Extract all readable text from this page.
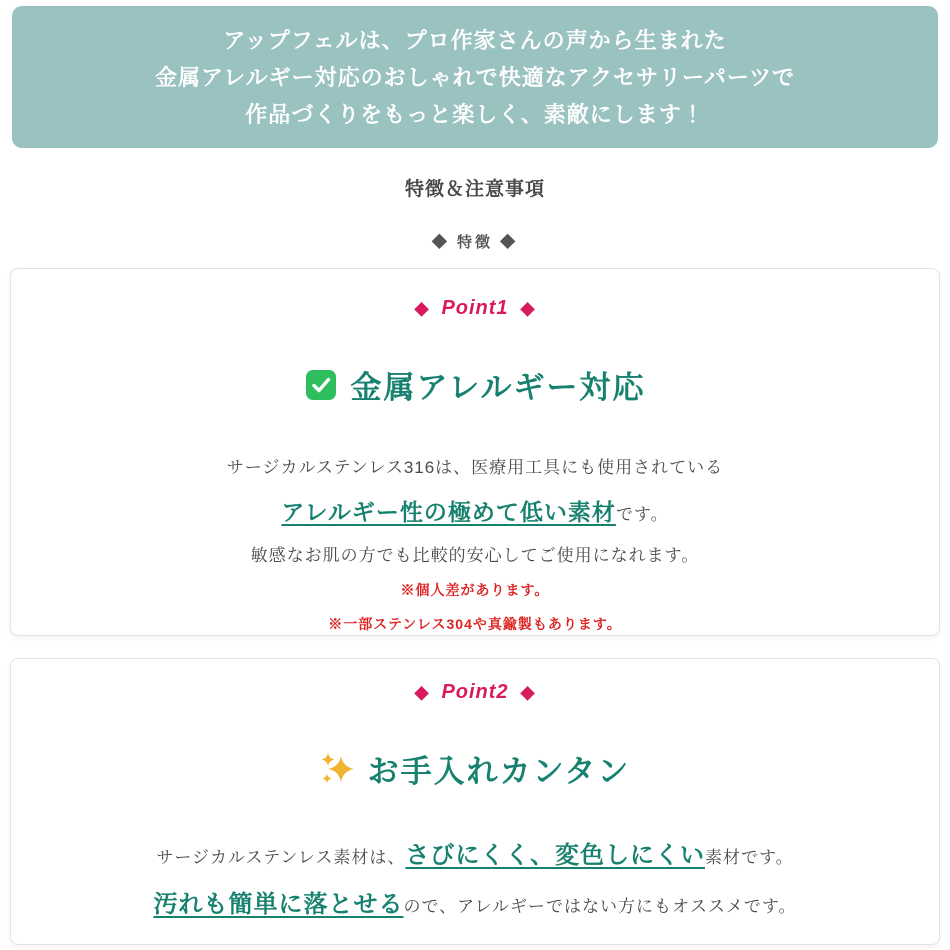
アップフェルは、プロ作家さんの声から生まれた
金属アレルギー対応のおしゃれで快適なアクセサリーパーツで
作品づくりをもっと楽しく、素敵にします！
特徴＆注意事項
◆ 特徴 ◆
◆ Point1 ◆
金属アレルギー対応
サージカルステンレス316は、医療用工具にも使用されている
アレルギー性の極めて低い素材です。
敏感なお肌の方でも比較的安心してご使用になれます。
※個人差があります。
※一部ステンレス304や真鍮製もあります。
◆ Point2 ◆
お手入れカンタン
サージカルステンレス素材は、さびにくく、変色しにくい素材です。
汚れも簡単に落とせるので、アレルギーではない方にもオススメです。
